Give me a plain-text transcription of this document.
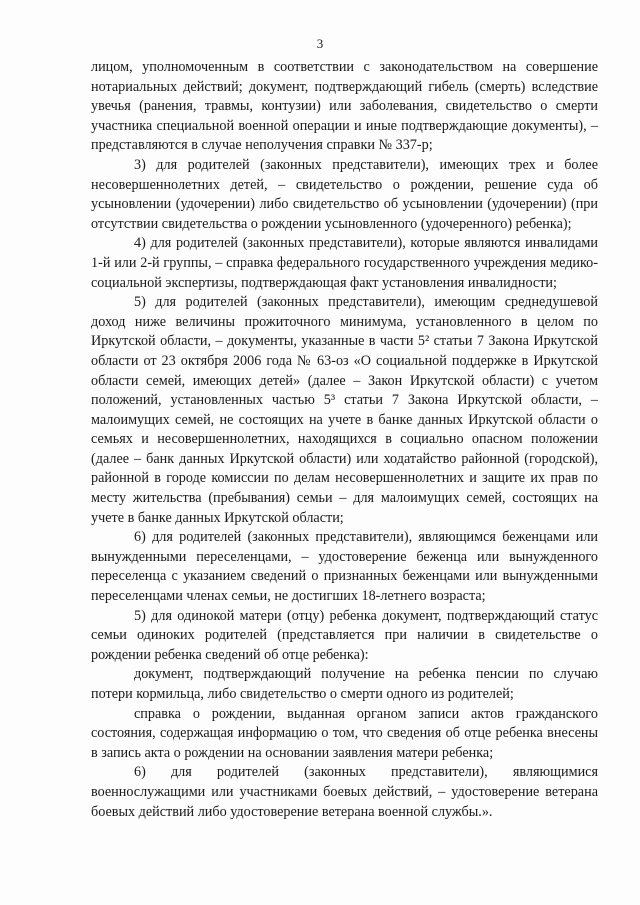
3

лицом, уполномоченным в соответствии с законодательством на совершение нотариальных действий; документ, подтверждающий гибель (смерть) вследствие увечья (ранения, травмы, контузии) или заболевания, свидетельство о смерти участника специальной военной операции и иные подтверждающие документы), – представляются в случае неполучения справки № 337-р;

3) для родителей (законных представители), имеющих трех и более несовершеннолетних детей, – свидетельство о рождении, решение суда об усыновлении (удочерении) либо свидетельство об усыновлении (удочерении) (при отсутствии свидетельства о рождении усыновленного (удочеренного) ребенка);

4) для родителей (законных представители), которые являются инвалидами 1-й или 2-й группы, – справка федерального государственного учреждения медико-социальной экспертизы, подтверждающая факт установления инвалидности;

5) для родителей (законных представители), имеющим среднедушевой доход ниже величины прожиточного минимума, установленного в целом по Иркутской области, – документы, указанные в части 5² статьи 7 Закона Иркутской области от 23 октября 2006 года № 63-оз «О социальной поддержке в Иркутской области семей, имеющих детей» (далее – Закон Иркутской области) с учетом положений, установленных частью 5³ статьи 7 Закона Иркутской области, – малоимущих семей, не состоящих на учете в банке данных Иркутской области о семьях и несовершеннолетних, находящихся в социально опасном положении (далее – банк данных Иркутской области) или ходатайство районной (городской), районной в городе комиссии по делам несовершеннолетних и защите их прав по месту жительства (пребывания) семьи – для малоимущих семей, состоящих на учете в банке данных Иркутской области;

6) для родителей (законных представители), являющимся беженцами или вынужденными переселенцами, – удостоверение беженца или вынужденного переселенца с указанием сведений о признанных беженцами или вынужденными переселенцами членах семьи, не достигших 18-летнего возраста;

5) для одинокой матери (отцу) ребенка документ, подтверждающий статус семьи одиноких родителей (представляется при наличии в свидетельстве о рождении ребенка сведений об отце ребенка):

документ, подтверждающий получение на ребенка пенсии по случаю потери кормильца, либо свидетельство о смерти одного из родителей;

справка о рождении, выданная органом записи актов гражданского состояния, содержащая информацию о том, что сведения об отце ребенка внесены в запись акта о рождении на основании заявления матери ребенка;

6) для родителей (законных представители), являющимися военнослужащими или участниками боевых действий, – удостоверение ветерана боевых действий либо удостоверение ветерана военной службы.».
